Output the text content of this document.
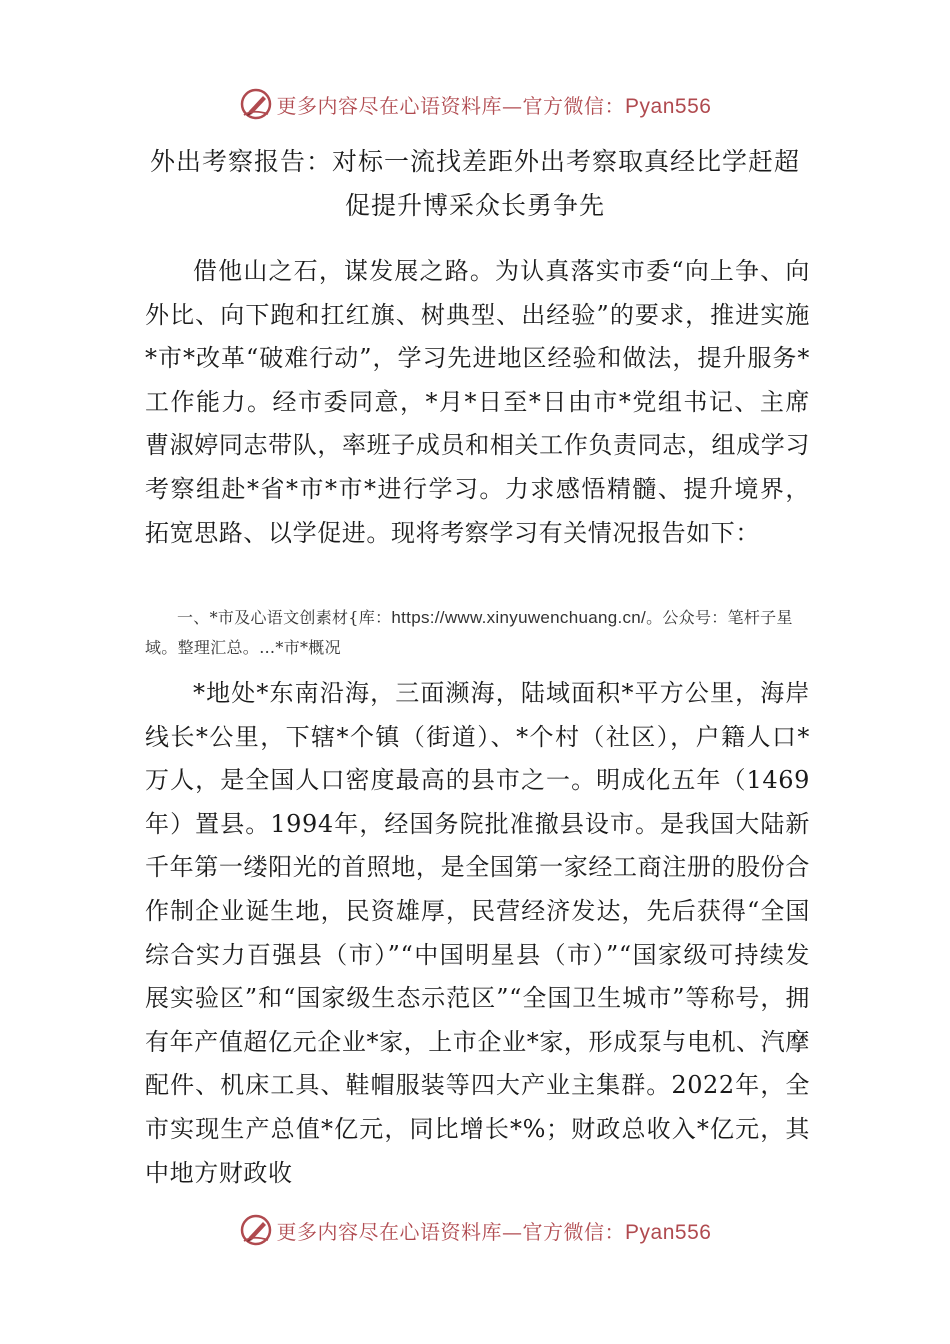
更多内容尽在心语资料库—官方微信：Pyan556
外出考察报告：对标一流找差距外出考察取真经比学赶超促提升博采众长勇争先

借他山之石，谋发展之路。为认真落实市委“向上争、向外比、向下跑和扛红旗、树典型、出经验”的要求，推进实施*市*改革“破难行动”，学习先进地区经验和做法，提升服务*工作能力。经市委同意，*月*日至*日由市*党组书记、主席曹淑婷同志带队，率班子成员和相关工作负责同志，组成学习考察组赴*省*市*市*进行学习。力求感悟精髓、提升境界，拓宽思路、以学促进。现将考察学习有关情况报告如下：

一、*市及心语文创素材{库：https://www.xinyuwenchuang.cn/。公众号：笔杆子星域。整理汇总。…*市*概况

*地处*东南沿海，三面濒海，陆域面积*平方公里，海岸线长*公里，下辖*个镇（街道）、*个村（社区），户籍人口*万人，是全国人口密度最高的县市之一。明成化五年（1469年）置县。1994年，经国务院批准撤县设市。是我国大陆新千年第一缕阳光的首照地，是全国第一家经工商注册的股份合作制企业诞生地，民资雄厚，民营经济发达，先后获得“全国综合实力百强县（市）”“中国明星县（市）”“国家级可持续发展实验区”和“国家级生态示范区”“全国卫生城市”等称号，拥有年产值超亿元企业*家，上市企业*家，形成泵与电机、汽摩配件、机床工具、鞋帽服装等四大产业主集群。2022年，全市实现生产总值*亿元，同比增长*%；财政总收入*亿元，其中地方财政收

更多内容尽在心语资料库—官方微信：Pyan556
